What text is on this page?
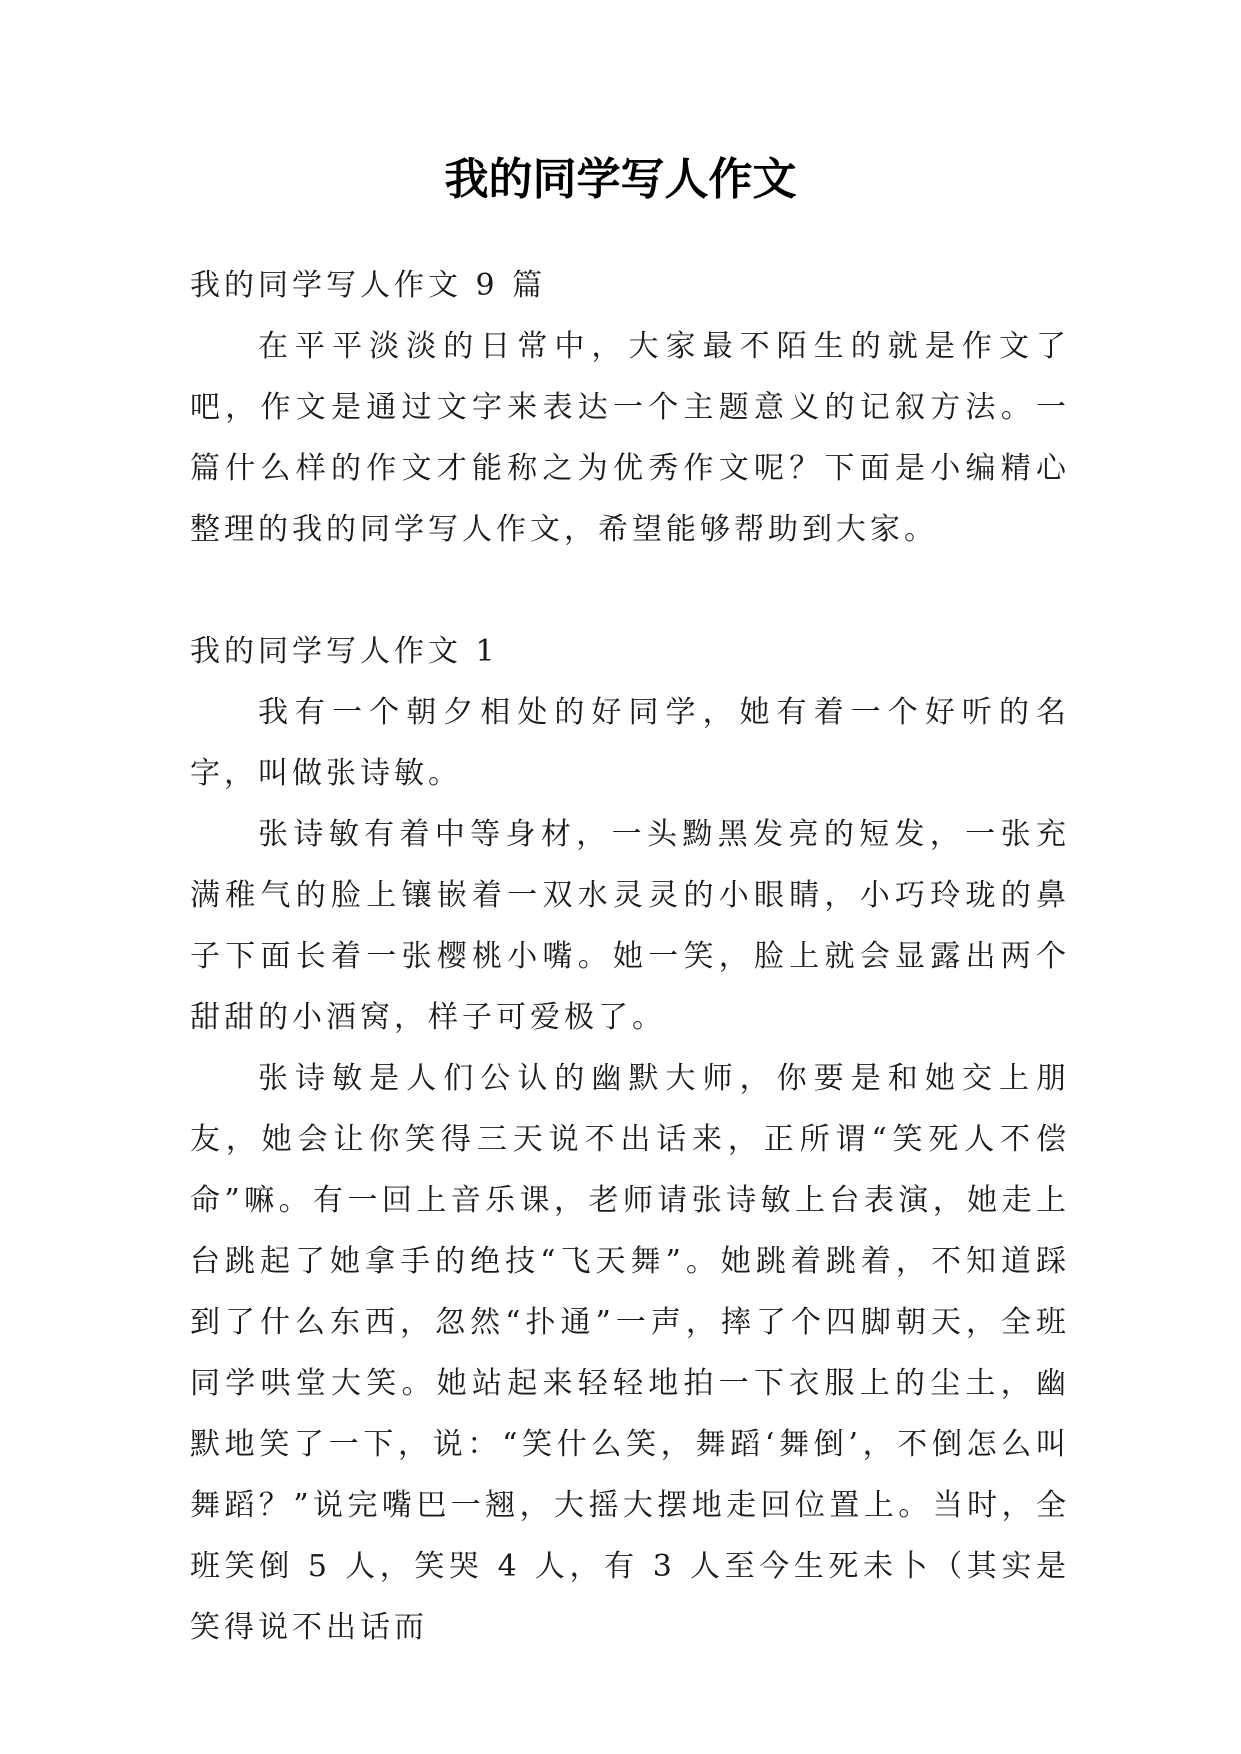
我的同学写人作文

我的同学写人作文 9 篇

在平平淡淡的日常中，大家最不陌生的就是作文了吧，作文是通过文字来表达一个主题意义的记叙方法。一篇什么样的作文才能称之为优秀作文呢？下面是小编精心整理的我的同学写人作文，希望能够帮助到大家。

我的同学写人作文 1

我有一个朝夕相处的好同学，她有着一个好听的名字，叫做张诗敏。

张诗敏有着中等身材，一头黝黑发亮的短发，一张充满稚气的脸上镶嵌着一双水灵灵的小眼睛，小巧玲珑的鼻子下面长着一张樱桃小嘴。她一笑，脸上就会显露出两个甜甜的小酒窝，样子可爱极了。

张诗敏是人们公认的幽默大师，你要是和她交上朋友，她会让你笑得三天说不出话来，正所谓“笑死人不偿命”嘛。有一回上音乐课，老师请张诗敏上台表演，她走上台跳起了她拿手的绝技“飞天舞”。她跳着跳着，不知道踩到了什么东西，忽然“扑通”一声，摔了个四脚朝天，全班同学哄堂大笑。她站起来轻轻地拍一下衣服上的尘土，幽默地笑了一下，说：“笑什么笑，舞蹈‘舞倒’，不倒怎么叫舞蹈？”说完嘴巴一翘，大摇大摆地走回位置上。当时，全班笑倒 5 人，笑哭 4 人，有 3 人至今生死未卜（其实是笑得说不出话而
